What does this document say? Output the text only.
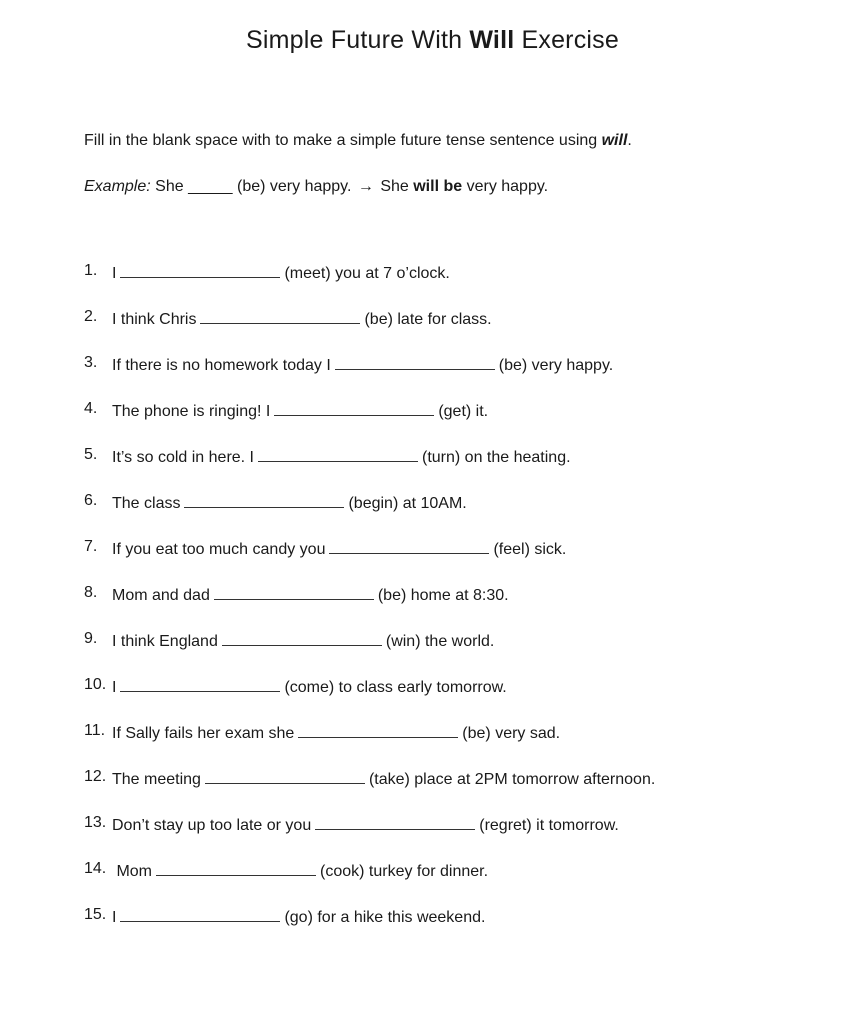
Simple Future With Will Exercise
Fill in the blank space with to make a simple future tense sentence using will.
Example: She _____ (be) very happy. → She will be very happy.
1. I	(meet) you at 7 o’clock.
2. I think Chris	(be) late for class.
3. If there is no homework today I	(be) very happy.
4. The phone is ringing! I	(get) it.
5. It’s so cold in here. I	(turn) on the heating.
6. The class	(begin) at 10AM.
7. If you eat too much candy you	(feel) sick.
8. Mom and dad	(be) home at 8:30.
9. I think England	(win) the world.
10. I	(come) to class early tomorrow.
11. If Sally fails her exam she	(be) very sad.
12. The meeting	(take) place at 2PM tomorrow afternoon.
13. Don’t stay up too late or you	(regret) it tomorrow.
14. Mom	(cook) turkey for dinner.
15. I	(go) for a hike this weekend.
